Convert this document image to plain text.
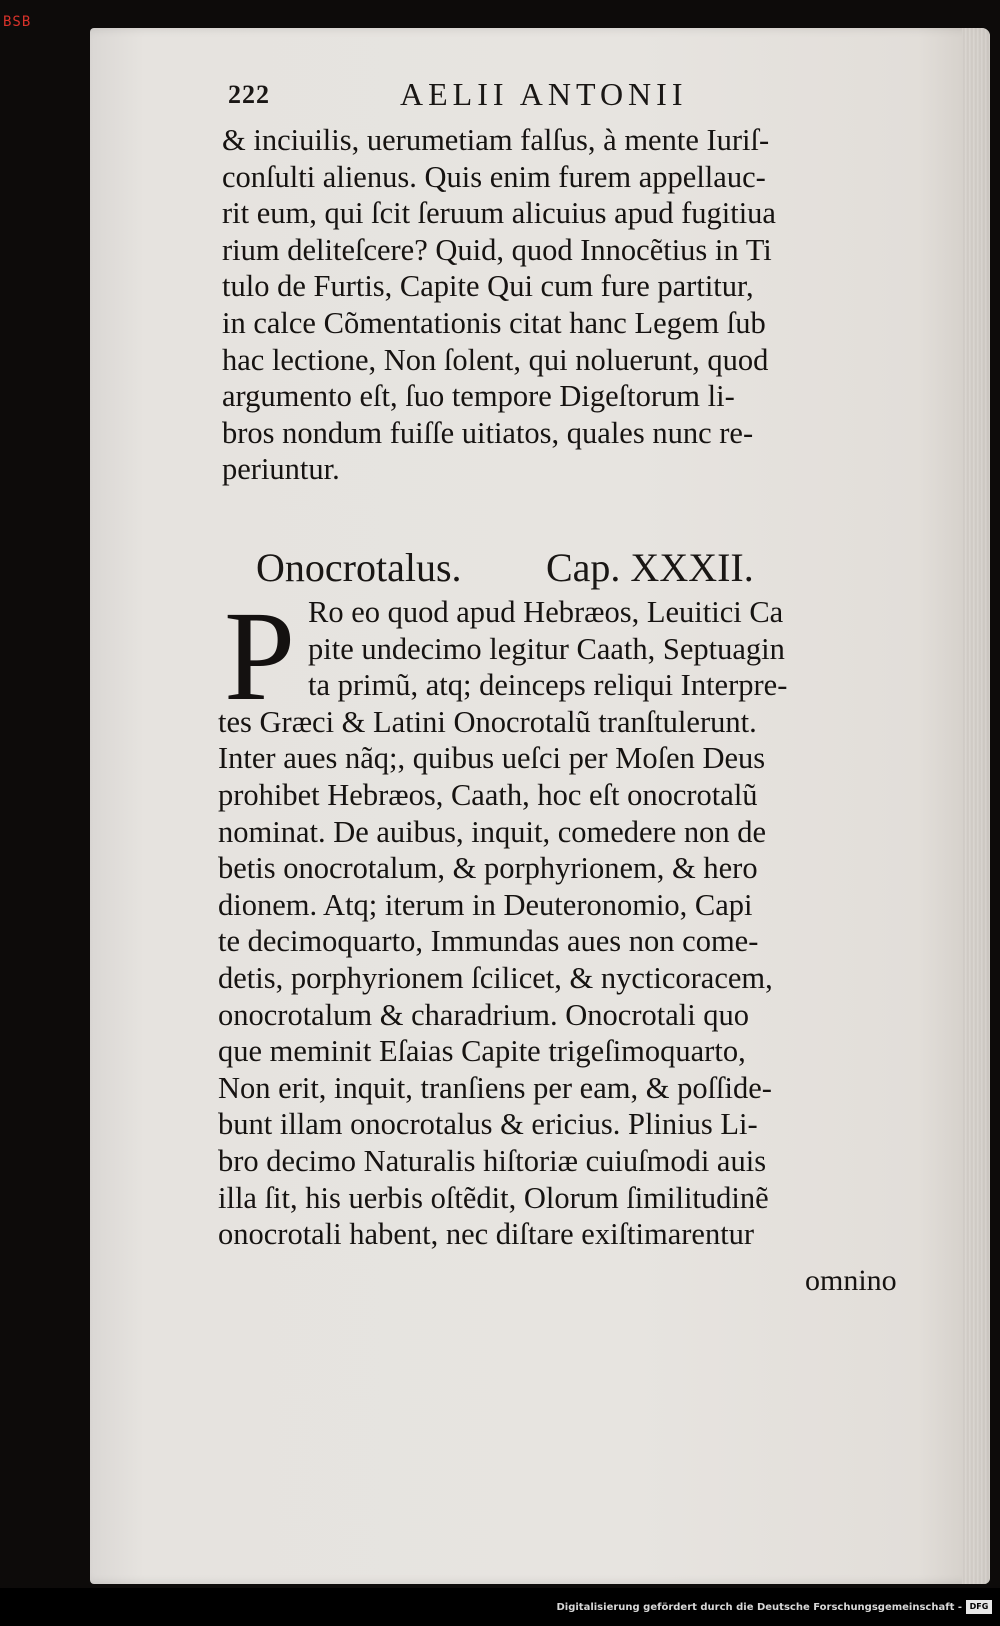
BSB
222	AELII ANTONII
& inciuilis, uerumetiam falſus, à mente Iuriſ-
conſulti alienus. Quis enim furem appellauc-
rit eum, qui ſcit ſeruum alicuius apud fugitiua
rium deliteſcere? Quid, quod Innocẽtius in Ti
tulo de Furtis, Capite Qui cum fure partitur,
in calce Cõmentationis citat hanc Legem ſub
hac lectione, Non ſolent, qui noluerunt, quod
argumento eſt, ſuo tempore Digeſtorum li-
bros nondum fuiſſe uitiatos, quales nunc re-
periuntur.
Onocrotalus. Cap. XXXII.
P Ro eo quod apud Hebræos, Leuitici Ca
pite undecimo legitur Caath, Septuagin
ta primũ, atq; deinceps reliqui Interpre-
tes Græci & Latini Onocrotalũ tranſtulerunt.
Inter aues nãq;, quibus ueſci per Moſen Deus
prohibet Hebræos, Caath, hoc eſt onocrotalũ
nominat. De auibus, inquit, comedere non de
betis onocrotalum, & porphyrionem, & hero
dionem. Atq; iterum in Deuteronomio, Capi
te decimoquarto, Immundas aues non come-
detis, porphyrionem ſcilicet, & nycticoracem,
onocrotalum & charadrium. Onocrotali quo
que meminit Eſaias Capite trigeſimoquarto,
Non erit, inquit, tranſiens per eam, & poſſide-
bunt illam onocrotalus & ericius. Plinius Li-
bro decimo Naturalis hiſtoriæ cuiuſmodi auis
illa ſit, his uerbis oſtẽdit, Olorum ſimilitudinẽ
onocrotali habent, nec diſtare exiſtimarentur
omnino
Digitalisierung gefördert durch die Deutsche Forschungsgemeinschaft - DFG
